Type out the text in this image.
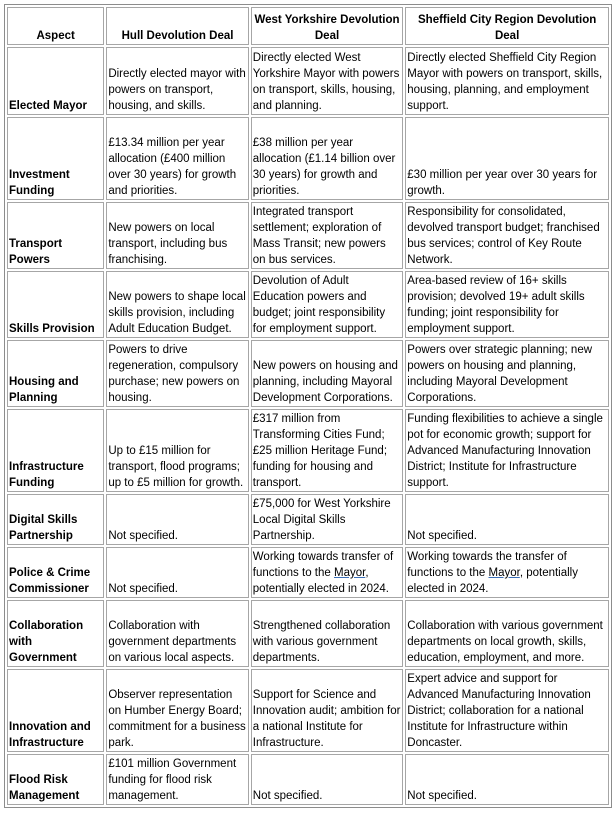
Aspect	Hull Devolution Deal	West Yorkshire Devolution Deal	Sheffield City Region Devolution Deal
Elected Mayor	Directly elected mayor with powers on transport, housing, and skills.	Directly elected West Yorkshire Mayor with powers on transport, skills, housing, and planning.	Directly elected Sheffield City Region Mayor with powers on transport, skills, housing, planning, and employment support.
Investment Funding	£13.34 million per year allocation (£400 million over 30 years) for growth and priorities.	£38 million per year allocation (£1.14 billion over 30 years) for growth and priorities.	£30 million per year over 30 years for growth.
Transport Powers	New powers on local transport, including bus franchising.	Integrated transport settlement; exploration of Mass Transit; new powers on bus services.	Responsibility for consolidated, devolved transport budget; franchised bus services; control of Key Route Network.
Skills Provision	New powers to shape local skills provision, including Adult Education Budget.	Devolution of Adult Education powers and budget; joint responsibility for employment support.	Area-based review of 16+ skills provision; devolved 19+ adult skills funding; joint responsibility for employment support.
Housing and Planning	Powers to drive regeneration, compulsory purchase; new powers on housing.	New powers on housing and planning, including Mayoral Development Corporations.	Powers over strategic planning; new powers on housing and planning, including Mayoral Development Corporations.
Infrastructure Funding	Up to £15 million for transport, flood programs; up to £5 million for growth.	£317 million from Transforming Cities Fund; £25 million Heritage Fund; funding for housing and transport.	Funding flexibilities to achieve a single pot for economic growth; support for Advanced Manufacturing Innovation District; Institute for Infrastructure support.
Digital Skills Partnership	Not specified.	£75,000 for West Yorkshire Local Digital Skills Partnership.	Not specified.
Police & Crime Commissioner	Not specified.	Working towards transfer of functions to the Mayor, potentially elected in 2024.	Working towards the transfer of functions to the Mayor, potentially elected in 2024.
Collaboration with Government	Collaboration with government departments on various local aspects.	Strengthened collaboration with various government departments.	Collaboration with various government departments on local growth, skills, education, employment, and more.
Innovation and Infrastructure	Observer representation on Humber Energy Board; commitment for a business park.	Support for Science and Innovation audit; ambition for a national Institute for Infrastructure.	Expert advice and support for Advanced Manufacturing Innovation District; collaboration for a national Institute for Infrastructure within Doncaster.
Flood Risk Management	£101 million Government funding for flood risk management.	Not specified.	Not specified.
